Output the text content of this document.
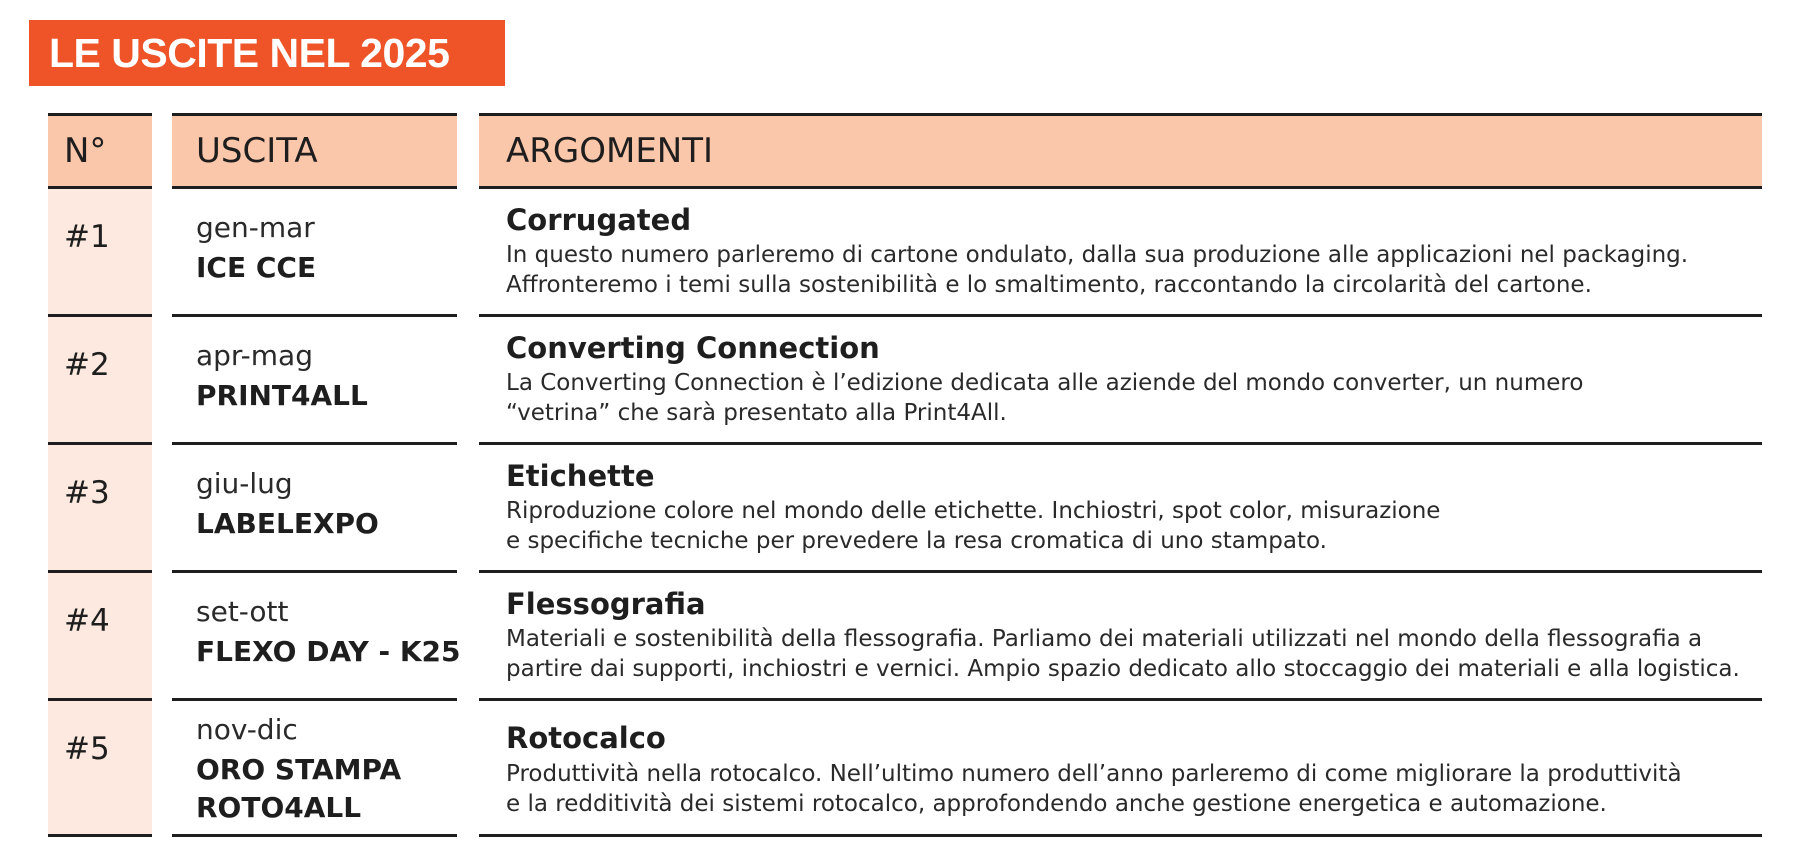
LE USCITE NEL 2025
N°
#1
#2
#3
#4
#5
USCITA
gen-mar
ICE CCE
apr-mag
PRINT4ALL
giu-lug
LABELEXPO
set-ott
FLEXO DAY - K25
nov-dic
ORO STAMPA
ROTO4ALL
ARGOMENTI
Corrugated
In questo numero parleremo di cartone ondulato, dalla sua produzione alle applicazioni nel packaging.
Affronteremo i temi sulla sostenibilità e lo smaltimento, raccontando la circolarità del cartone.
Converting Connection
La Converting Connection è l’edizione dedicata alle aziende del mondo converter, un numero
“vetrina” che sarà presentato alla Print4All.
Etichette
Riproduzione colore nel mondo delle etichette. Inchiostri, spot color, misurazione
e specifiche tecniche per prevedere la resa cromatica di uno stampato.
Flessografia
Materiali e sostenibilità della flessografia. Parliamo dei materiali utilizzati nel mondo della flessografia a
partire dai supporti, inchiostri e vernici. Ampio spazio dedicato allo stoccaggio dei materiali e alla logistica.
Rotocalco
Produttività nella rotocalco. Nell’ultimo numero dell’anno parleremo di come migliorare la produttività
e la redditività dei sistemi rotocalco, approfondendo anche gestione energetica e automazione.
